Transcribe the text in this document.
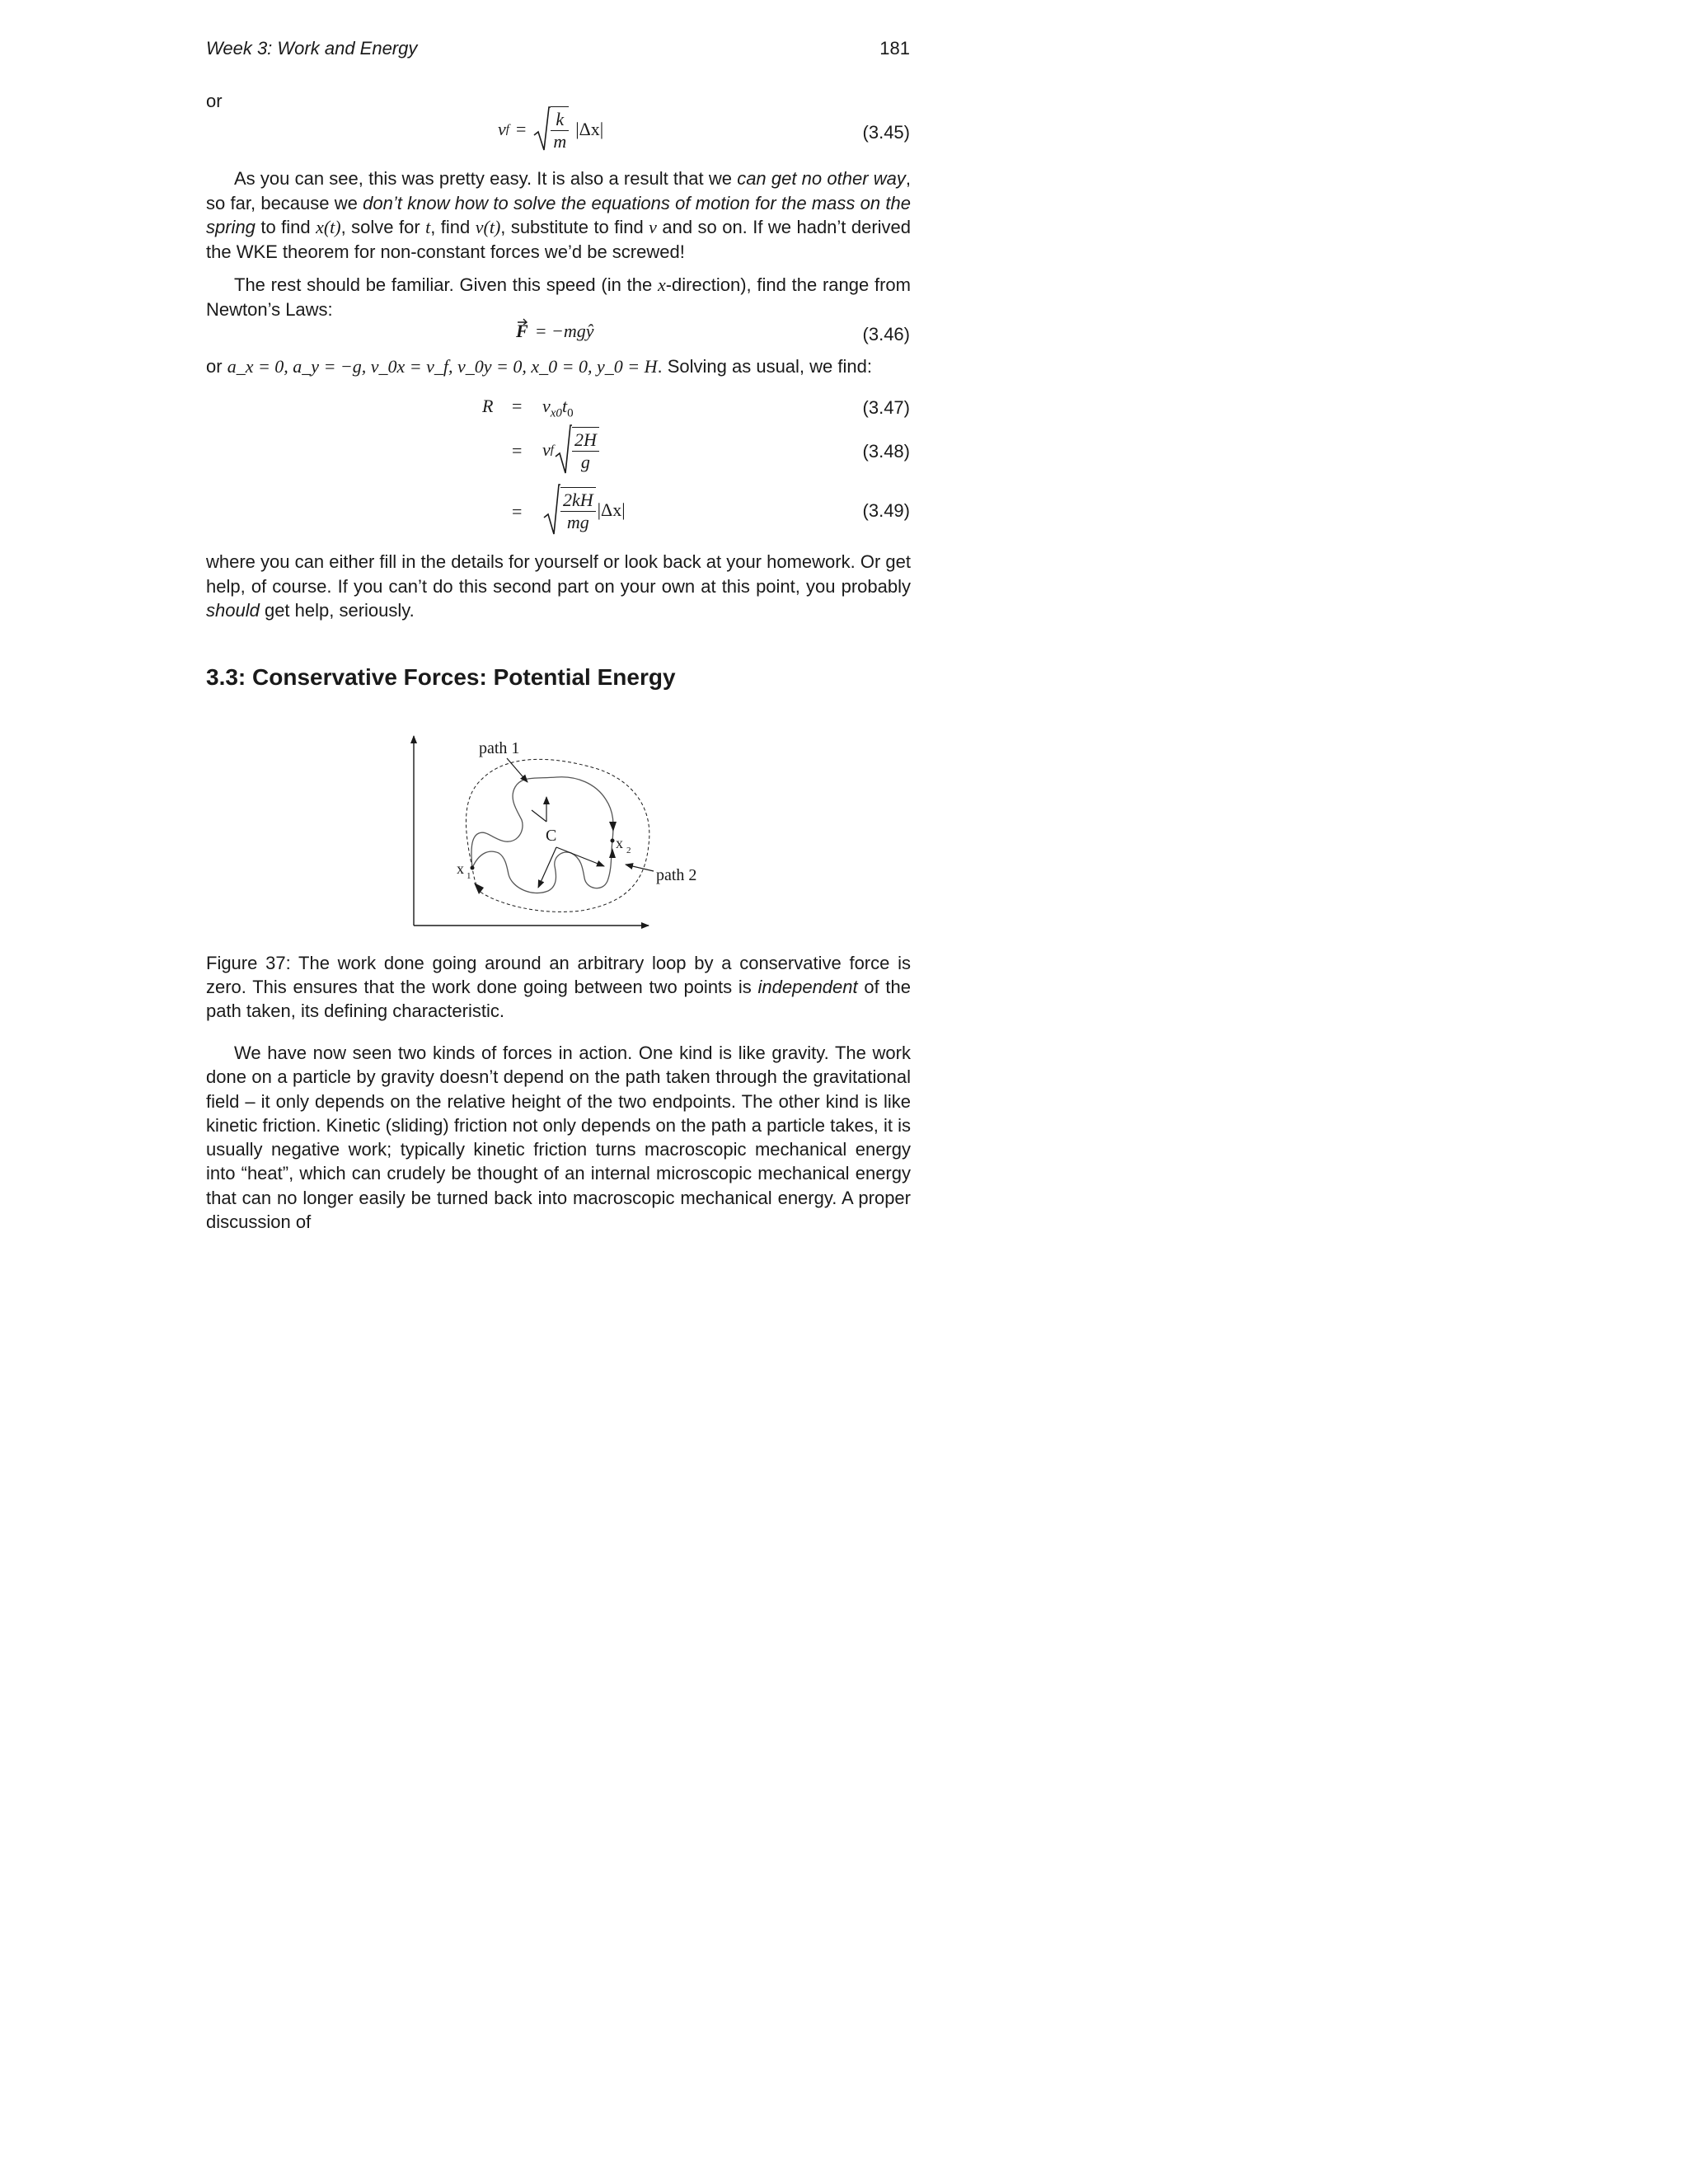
Week 3: Work and Energy	181
or
v $f = \frac{k}{m} |\Delta x|$	(3.45)
As you can see, this was pretty easy. It is also a result that we can get no other way, so far, because we don’t know how to solve the equations of motion for the mass on the spring to find x(t), solve for t, find v(t), substitute to find v and so on. If we hadn’t derived the WKE theorem for non-constant forces we’d be screwed!
The rest should be familiar. Given this speed (in the x-direction), find the range from Newton’s Laws:
F = −mgŷ	(3.46)
or a_x = 0, a_y = −g, v_0x = v_f, v_0y = 0, x_0 = 0, y_0 = H. Solving as usual, we find:
$R = v_{x0}t_0$	(3.47)
= v f $\frac{2H}{g}$	(3.48)
= $\frac{2kH}{mg} |\Delta x|$	(3.49)
where you can either fill in the details for yourself or look back at your homework. Or get help, of course. If you can’t do this second part on your own at this point, you probably should get help, seriously.
3.3: Conservative Forces: Potential Energy
path 1
path 2
C
x 1
x 2
Figure 37: The work done going around an arbitrary loop by a conservative force is zero. This ensures that the work done going between two points is independent of the path taken, its defining characteristic.
We have now seen two kinds of forces in action. One kind is like gravity. The work done on a particle by gravity doesn’t depend on the path taken through the gravitational field – it only depends on the relative height of the two endpoints. The other kind is like kinetic friction. Kinetic (sliding) friction not only depends on the path a particle takes, it is usually negative work; typically kinetic friction turns macroscopic mechanical energy into “heat”, which can crudely be thought of an internal microscopic mechanical energy that can no longer easily be turned back into macroscopic mechanical energy. A proper discussion of
